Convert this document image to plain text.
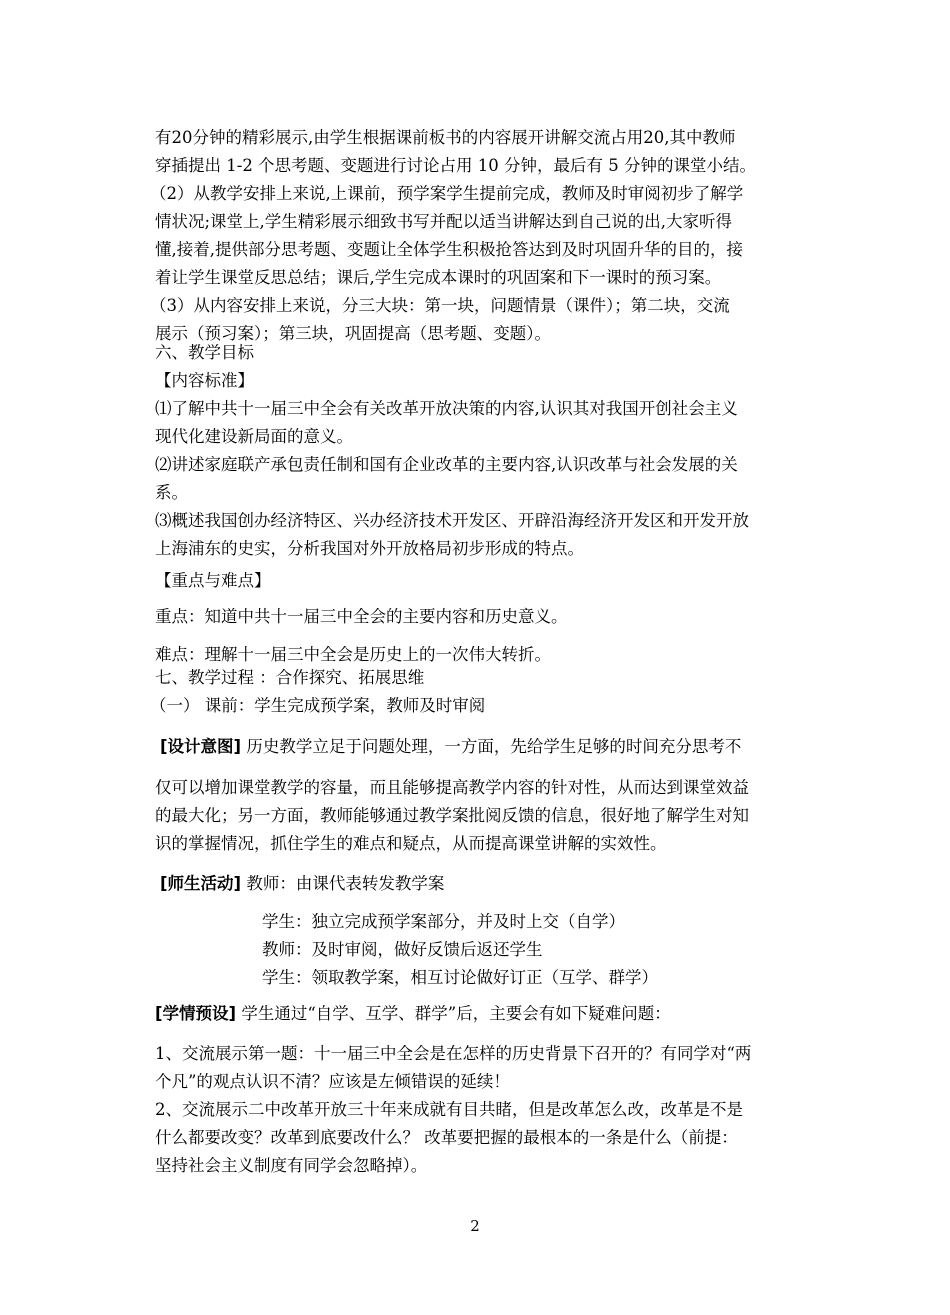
有20分钟的精彩展示,由学生根据课前板书的内容展开讲解交流占用20,其中教师
穿插提出 1-2 个思考题、变题进行讨论占用 10 分钟，最后有 5 分钟的课堂小结。
（2）从教学安排上来说,上课前，预学案学生提前完成，教师及时审阅初步了解学
情状况;课堂上,学生精彩展示细致书写并配以适当讲解达到自己说的出,大家听得
懂,接着,提供部分思考题、变题让全体学生积极抢答达到及时巩固升华的目的，接
着让学生课堂反思总结；课后,学生完成本课时的巩固案和下一课时的预习案。
（3）从内容安排上来说，分三大块：第一块，问题情景（课件）；第二块，交流
展示（预习案）；第三块，巩固提高（思考题、变题）。
六、教学目标
【内容标准】
⑴了解中共十一届三中全会有关改革开放决策的内容,认识其对我国开创社会主义
现代化建设新局面的意义。
⑵讲述家庭联产承包责任制和国有企业改革的主要内容,认识改革与社会发展的关
系。
⑶概述我国创办经济特区、兴办经济技术开发区、开辟沿海经济开发区和开发开放
上海浦东的史实，分析我国对外开放格局初步形成的特点。
【重点与难点】
重点：知道中共十一届三中全会的主要内容和历史意义。
难点：理解十一届三中全会是历史上的一次伟大转折。
七、教学过程 ：合作探究、拓展思维
（一） 课前：学生完成预学案，教师及时审阅
[设计意图] 历史教学立足于问题处理，一方面，先给学生足够的时间充分思考不
仅可以增加课堂教学的容量，而且能够提高教学内容的针对性，从而达到课堂效益
的最大化；另一方面，教师能够通过教学案批阅反馈的信息，很好地了解学生对知
识的掌握情况，抓住学生的难点和疑点，从而提高课堂讲解的实效性。
[师生活动] 教师：由课代表转发教学案
学生：独立完成预学案部分，并及时上交（自学）
教师：及时审阅，做好反馈后返还学生
学生：领取教学案，相互讨论做好订正（互学、群学）
[学情预设] 学生通过“自学、互学、群学”后，主要会有如下疑难问题：
1、交流展示第一题：十一届三中全会是在怎样的历史背景下召开的？有同学对“两
个凡”的观点认识不清？应该是左倾错误的延续！
2、交流展示二中改革开放三十年来成就有目共睹，但是改革怎么改，改革是不是
什么都要改变？改革到底要改什么？ 改革要把握的最根本的一条是什么（前提：
坚持社会主义制度有同学会忽略掉）。
2
